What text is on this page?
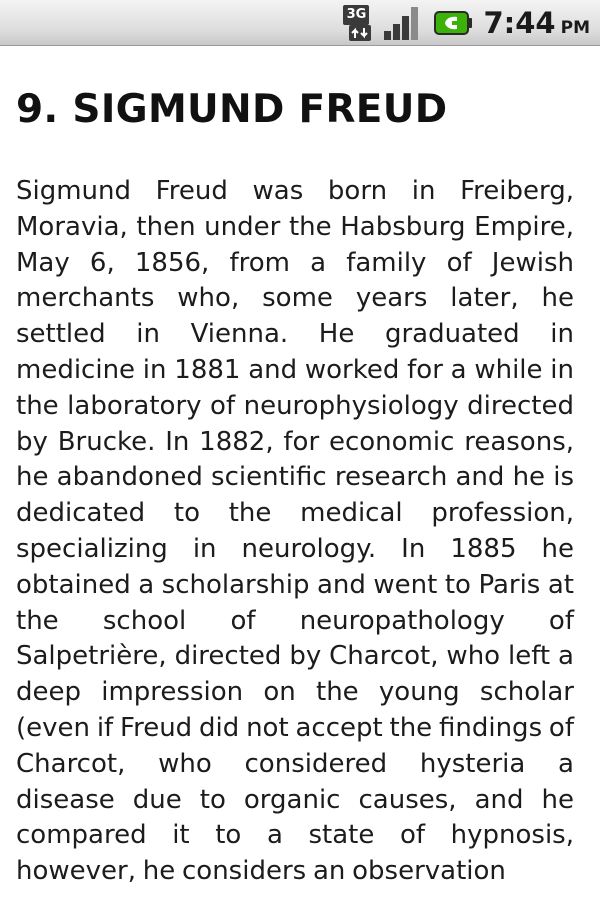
3G	7:44 PM
9. SIGMUND FREUD

Sigmund Freud was born in Freiberg, Moravia, then under the Habsburg Empire, May 6, 1856, from a family of Jewish merchants who, some years later, he settled in Vienna. He graduated in medicine in 1881 and worked for a while in the laboratory of neurophysiology directed by Brucke. In 1882, for economic reasons, he abandoned scientific research and he is dedicated to the medical profession, specializing in neurology. In 1885 he obtained a scholarship and went to Paris at the school of neuropathology of Salpetrière, directed by Charcot, who left a deep impression on the young scholar (even if Freud did not accept the findings of Charcot, who considered hysteria a disease due to organic causes, and he compared it to a state of hypnosis, however, he considers an observation
